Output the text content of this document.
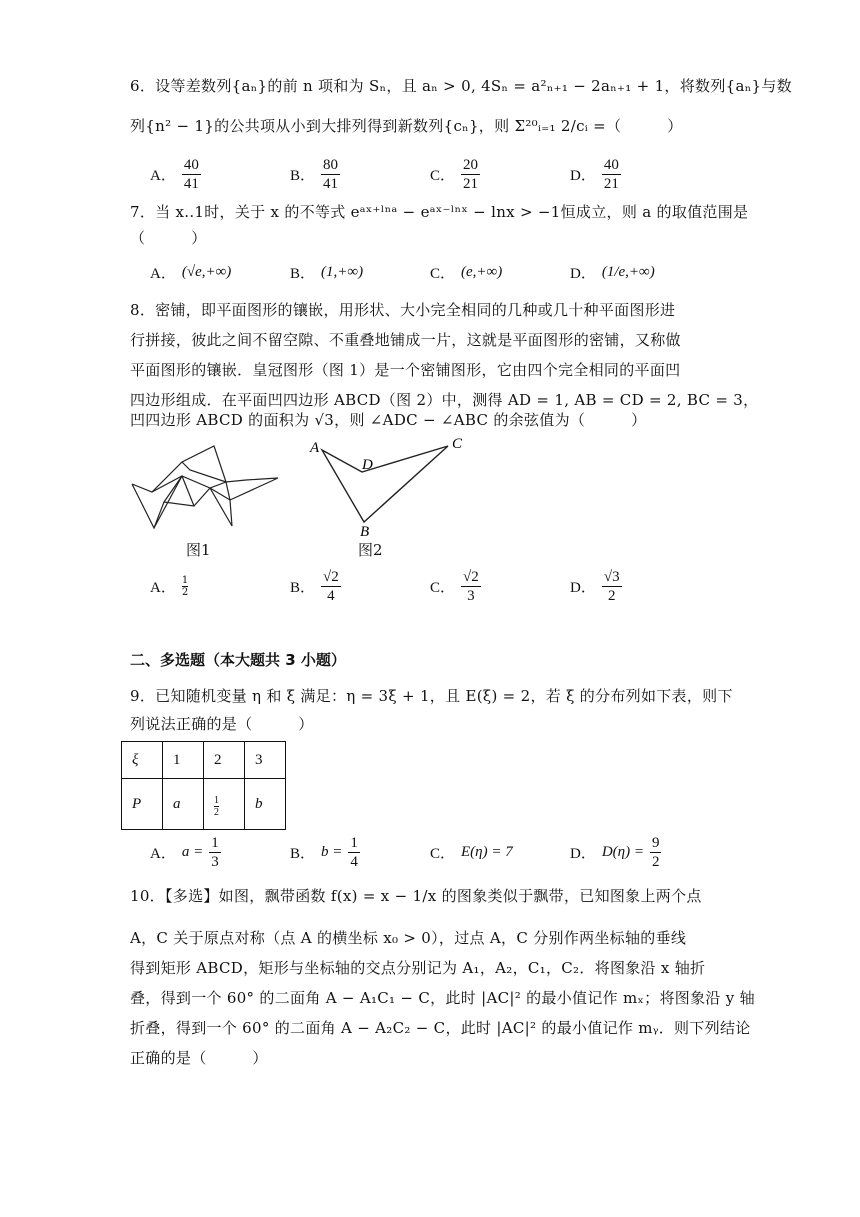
6．设等差数列{aₙ}的前 n 项和为 Sₙ，且 aₙ > 0, 4Sₙ = a²ₙ₊₁ − 2aₙ₊₁ + 1，将数列{aₙ}与数
列{n² − 1}的公共项从小到大排列得到新数列{cₙ}，则 Σ²⁰ᵢ₌₁ 2/cᵢ =（　　　）
A． $\frac{40}{41}$	B． $\frac{80}{41}$	C． $\frac{20}{21}$	D． $\frac{40}{21}$
7．当 x..1时，关于 x 的不等式 eᵃˣ⁺ˡⁿᵃ − eᵃˣ⁻ˡⁿˣ − lnx > −1恒成立，则 a 的取值范围是
（　　　）
A． (√e,+∞)	B． (1,+∞)	C． (e,+∞)	D． (1/e,+∞)
8．密铺，即平面图形的镶嵌，用形状、大小完全相同的几种或几十种平面图形进
行拼接，彼此之间不留空隙、不重叠地铺成一片，这就是平面图形的密铺，又称做
平面图形的镶嵌．皇冠图形（图 1）是一个密铺图形，它由四个完全相同的平面凹
四边形组成．在平面凹四边形 ABCD（图 2）中，测得 AD = 1, AB = CD = 2, BC = 3，
凹四边形 ABCD 的面积为 √3，则 ∠ADC − ∠ABC 的余弦值为（　　　）
图1
A
D
C
B
图2
A． $\frac{1}{2}$	B． $\frac{√2}{4}$	C． $\frac{√2}{3}$	D． $\frac{√3}{2}$
二、多选题（本大题共 3 小题）
9．已知随机变量 η 和 ξ 满足：η = 3ξ + 1，且 E(ξ) = 2，若 ξ 的分布列如下表，则下
列说法正确的是（　　　）
ξ	1	2	3
P	a	$\frac{1}{2}$	b
A． $a = \frac{1}{3}$	B． $b = \frac{1}{4}$	C． E(η) = 7	D． $D(\eta) = \frac{9}{2}$
10．【多选】如图，飘带函数 f(x) = x − 1/x 的图象类似于飘带，已知图象上两个点
A，C 关于原点对称（点 A 的横坐标 x₀ > 0），过点 A，C 分别作两坐标轴的垂线
得到矩形 ABCD，矩形与坐标轴的交点分别记为 A₁，A₂，C₁，C₂．将图象沿 x 轴折
叠，得到一个 60° 的二面角 A − A₁C₁ − C，此时 |AC|² 的最小值记作 mₓ；将图象沿 y 轴
折叠，得到一个 60° 的二面角 A − A₂C₂ − C，此时 |AC|² 的最小值记作 mᵧ．则下列结论
正确的是（　　　）
